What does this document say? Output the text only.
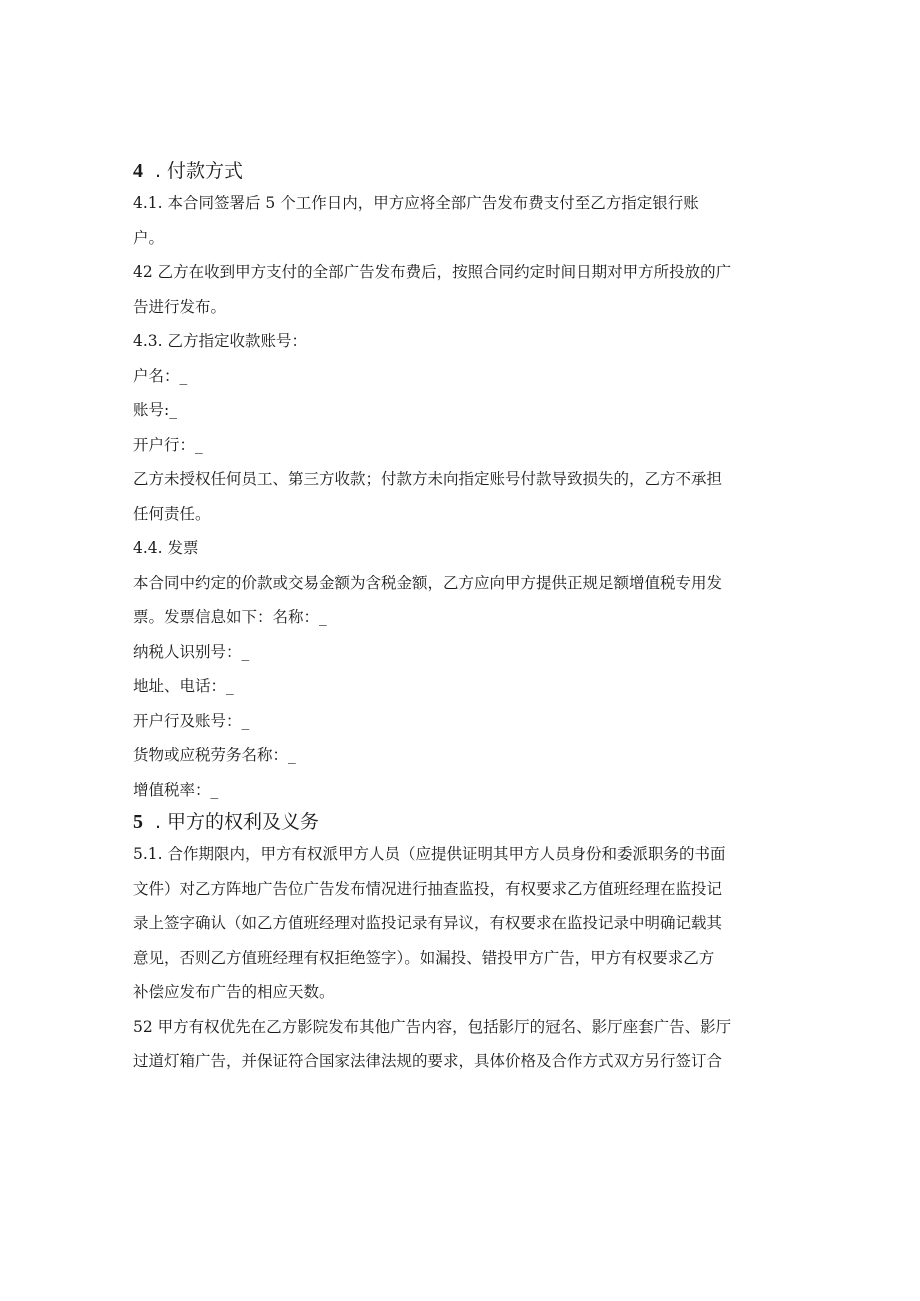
4 . 付款方式

4.1. 本合同签署后 5 个工作日内，甲方应将全部广告发布费支付至乙方指定银行账

户。

42 乙方在收到甲方支付的全部广告发布费后，按照合同约定时间日期对甲方所投放的广

告进行发布。

4.3. 乙方指定收款账号：

户名：_

账号:_

开户行：_

乙方未授权任何员工、第三方收款；付款方未向指定账号付款导致损失的，乙方不承担

任何责任。

4.4. 发票

本合同中约定的价款或交易金额为含税金额，乙方应向甲方提供正规足额增值税专用发

票。发票信息如下：名称：_

纳税人识别号：_

地址、电话：_

开户行及账号：_

货物或应税劳务名称：_

增值税率：_

5 . 甲方的权利及义务

5.1. 合作期限内，甲方有权派甲方人员（应提供证明其甲方人员身份和委派职务的书面

文件）对乙方阵地广告位广告发布情况进行抽查监投，有权要求乙方值班经理在监投记

录上签字确认（如乙方值班经理对监投记录有异议，有权要求在监投记录中明确记载其

意见，否则乙方值班经理有权拒绝签字）。如漏投、错投甲方广告，甲方有权要求乙方

补偿应发布广告的相应天数。

52 甲方有权优先在乙方影院发布其他广告内容，包括影厅的冠名、影厅座套广告、影厅

过道灯箱广告，并保证符合国家法律法规的要求，具体价格及合作方式双方另行签订合
